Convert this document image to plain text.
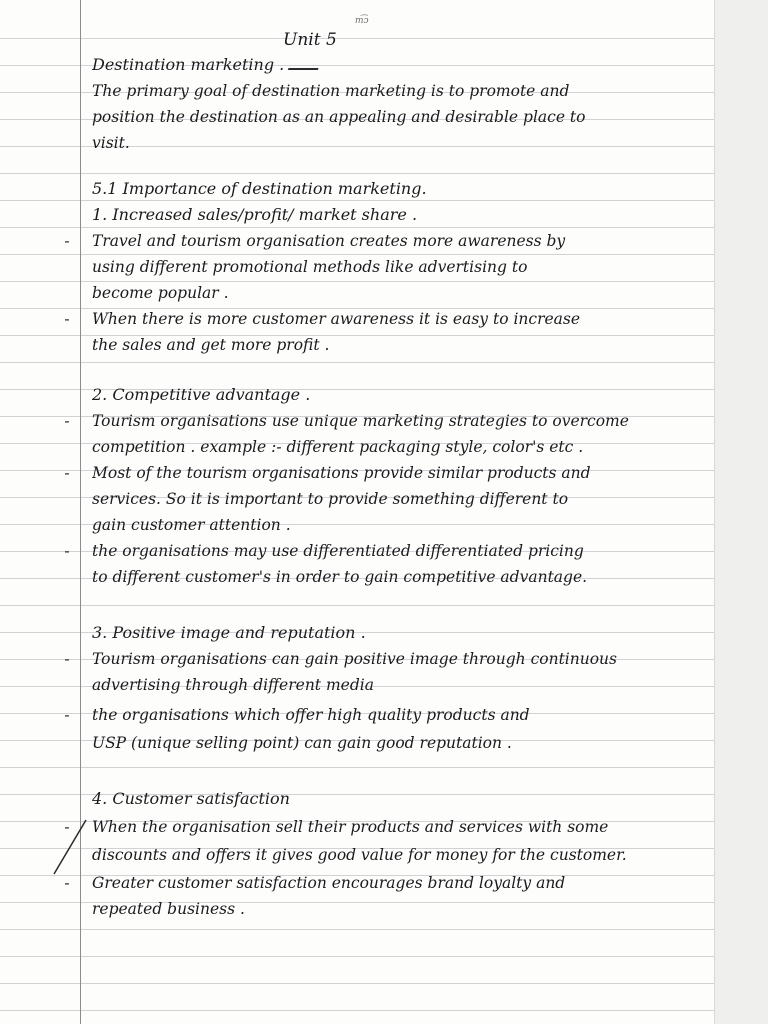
Unit 5
m͡ɔ
Destination marketing .
The primary goal of destination marketing is to promote and
position the destination as an appealing and desirable place to
visit.
5.1 Importance of destination marketing.
1. Increased sales/profit/ market share .
- Travel and tourism organisation creates more awareness by
using different promotional methods like advertising to
become popular .
- When there is more customer awareness it is easy to increase
the sales and get more profit .
2. Competitive advantage .
- Tourism organisations use unique marketing strategies to overcome
competition . example :- different packaging style, color's etc .
- Most of the tourism organisations provide similar products and
services. So it is important to provide something different to
gain customer attention .
- the organisations may use differentiated differentiated pricing
to different customer's in order to gain competitive advantage.
3. Positive image and reputation .
- Tourism organisations can gain positive image through continuous
advertising through different media
- the organisations which offer high quality products and
USP (unique selling point) can gain good reputation .
4. Customer satisfaction
- When the organisation sell their products and services with some
discounts and offers it gives good value for money for the customer.
- Greater customer satisfaction encourages brand loyalty and
repeated business .
